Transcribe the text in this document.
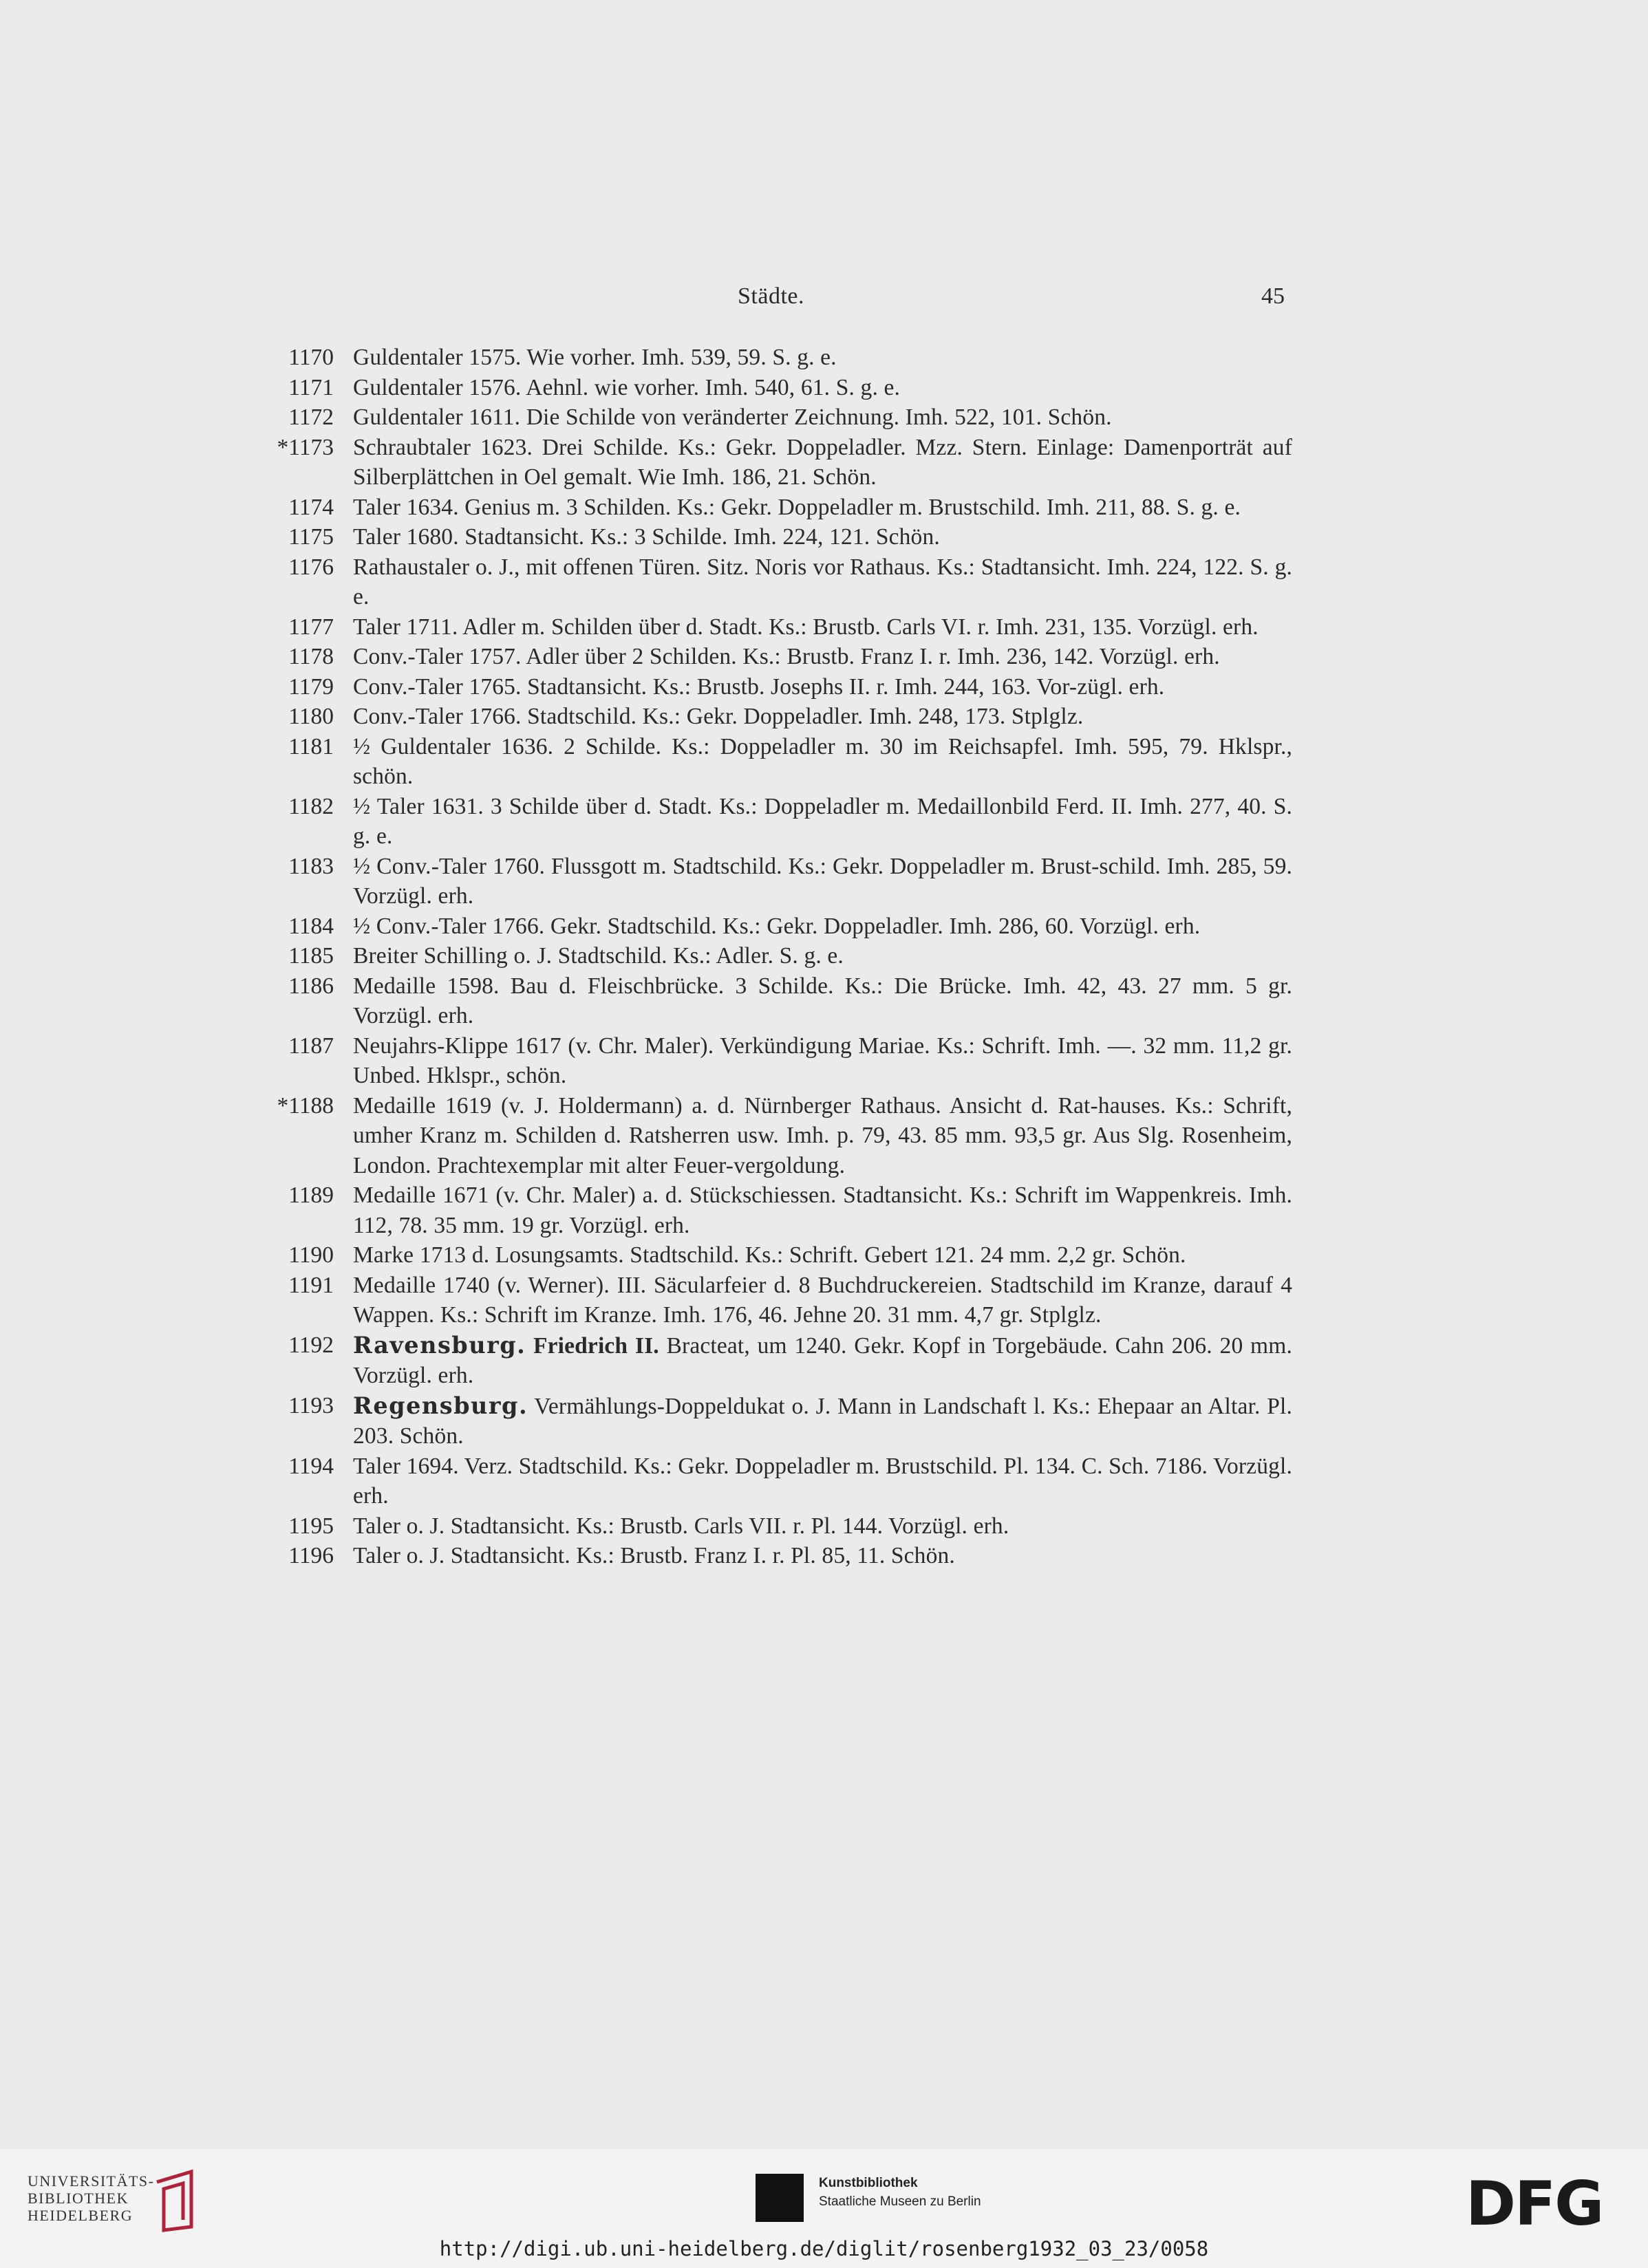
Städte.	45
1170 Guldentaler 1575. Wie vorher. Imh. 539, 59. S. g. e.
1171 Guldentaler 1576. Aehnl. wie vorher. Imh. 540, 61. S. g. e.
1172 Guldentaler 1611. Die Schilde von veränderter Zeichnung. Imh. 522, 101. Schön.
*1173 Schraubtaler 1623. Drei Schilde. Ks.: Gekr. Doppeladler. Mzz. Stern. Einlage: Damenporträt auf Silberplättchen in Oel gemalt. Wie Imh. 186, 21. Schön.
1174 Taler 1634. Genius m. 3 Schilden. Ks.: Gekr. Doppeladler m. Brustschild. Imh. 211, 88. S. g. e.
1175 Taler 1680. Stadtansicht. Ks.: 3 Schilde. Imh. 224, 121. Schön.
1176 Rathaustaler o. J., mit offenen Türen. Sitz. Noris vor Rathaus. Ks.: Stadtansicht. Imh. 224, 122. S. g. e.
1177 Taler 1711. Adler m. Schilden über d. Stadt. Ks.: Brustb. Carls VI. r. Imh. 231, 135. Vorzügl. erh.
1178 Conv.-Taler 1757. Adler über 2 Schilden. Ks.: Brustb. Franz I. r. Imh. 236, 142. Vorzügl. erh.
1179 Conv.-Taler 1765. Stadtansicht. Ks.: Brustb. Josephs II. r. Imh. 244, 163. Vor-zügl. erh.
1180 Conv.-Taler 1766. Stadtschild. Ks.: Gekr. Doppeladler. Imh. 248, 173. Stplglz.
1181 ½ Guldentaler 1636. 2 Schilde. Ks.: Doppeladler m. 30 im Reichsapfel. Imh. 595, 79. Hklspr., schön.
1182 ½ Taler 1631. 3 Schilde über d. Stadt. Ks.: Doppeladler m. Medaillonbild Ferd. II. Imh. 277, 40. S. g. e.
1183 ½ Conv.-Taler 1760. Flussgott m. Stadtschild. Ks.: Gekr. Doppeladler m. Brust-schild. Imh. 285, 59. Vorzügl. erh.
1184 ½ Conv.-Taler 1766. Gekr. Stadtschild. Ks.: Gekr. Doppeladler. Imh. 286, 60. Vorzügl. erh.
1185 Breiter Schilling o. J. Stadtschild. Ks.: Adler. S. g. e.
1186 Medaille 1598. Bau d. Fleischbrücke. 3 Schilde. Ks.: Die Brücke. Imh. 42, 43. 27 mm. 5 gr. Vorzügl. erh.
1187 Neujahrs-Klippe 1617 (v. Chr. Maler). Verkündigung Mariae. Ks.: Schrift. Imh. —. 32 mm. 11,2 gr. Unbed. Hklspr., schön.
*1188 Medaille 1619 (v. J. Holdermann) a. d. Nürnberger Rathaus. Ansicht d. Rat-hauses. Ks.: Schrift, umher Kranz m. Schilden d. Ratsherren usw. Imh. p. 79, 43. 85 mm. 93,5 gr. Aus Slg. Rosenheim, London. Prachtexemplar mit alter Feuer-vergoldung.
1189 Medaille 1671 (v. Chr. Maler) a. d. Stückschiessen. Stadtansicht. Ks.: Schrift im Wappenkreis. Imh. 112, 78. 35 mm. 19 gr. Vorzügl. erh.
1190 Marke 1713 d. Losungsamts. Stadtschild. Ks.: Schrift. Gebert 121. 24 mm. 2,2 gr. Schön.
1191 Medaille 1740 (v. Werner). III. Säcularfeier d. 8 Buchdruckereien. Stadtschild im Kranze, darauf 4 Wappen. Ks.: Schrift im Kranze. Imh. 176, 46. Jehne 20. 31 mm. 4,7 gr. Stplglz.
1192 Ravensburg. Friedrich II. Bracteat, um 1240. Gekr. Kopf in Torgebäude. Cahn 206. 20 mm. Vorzügl. erh.
1193 Regensburg. Vermählungs-Doppeldukat o. J. Mann in Landschaft l. Ks.: Ehepaar an Altar. Pl. 203. Schön.
1194 Taler 1694. Verz. Stadtschild. Ks.: Gekr. Doppeladler m. Brustschild. Pl. 134. C. Sch. 7186. Vorzügl. erh.
1195 Taler o. J. Stadtansicht. Ks.: Brustb. Carls VII. r. Pl. 144. Vorzügl. erh.
1196 Taler o. J. Stadtansicht. Ks.: Brustb. Franz I. r. Pl. 85, 11. Schön.
UNIVERSITÄTS-
BIBLIOTHEK
HEIDELBERG
Kunstbibliothek
Staatliche Museen zu Berlin	DFG
http://digi.ub.uni-heidelberg.de/diglit/rosenberg1932_03_23/0058
